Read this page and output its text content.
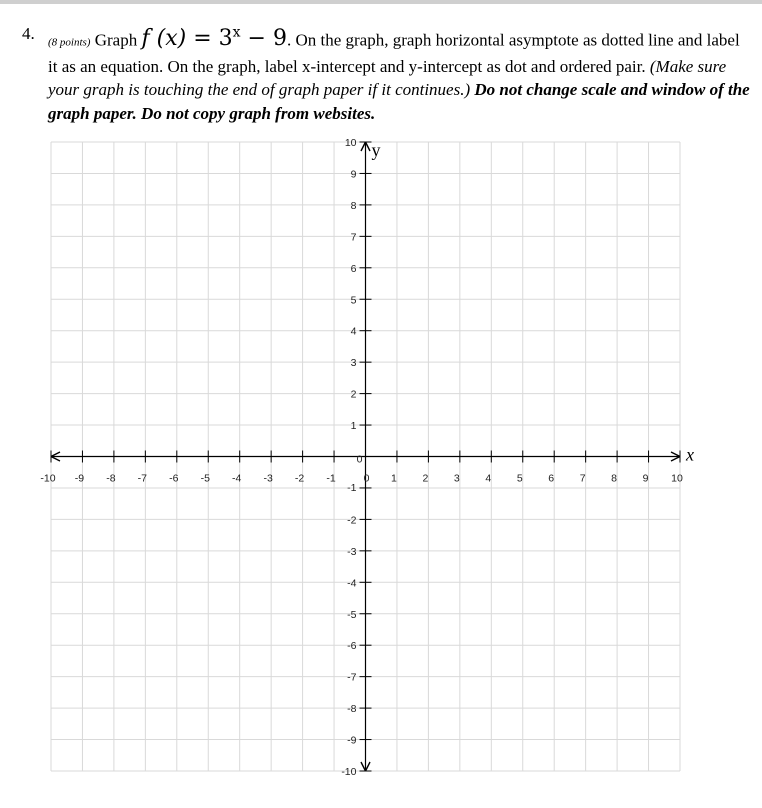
4. (8 points) Graph f $(x) = 3^x - 9$. On the graph, graph horizontal asymptote as dotted line and label it as an equation. On the graph, label x-intercept and y-intercept as dot and ordered pair. (Make sure your graph is touching the end of graph paper if it continues.) Do not change scale and window of the graph paper. Do not copy graph from websites.
-10 -9 -8 -7 -6 -5 -4 -3 -2 -1	0 1 2 3 4 5 6 7 8 9 10
10
9
8
7
6
5
4
3
2
1
0
-1
-2
-3
-4
-5
-6
-7
-8
-9
-10
x
y
